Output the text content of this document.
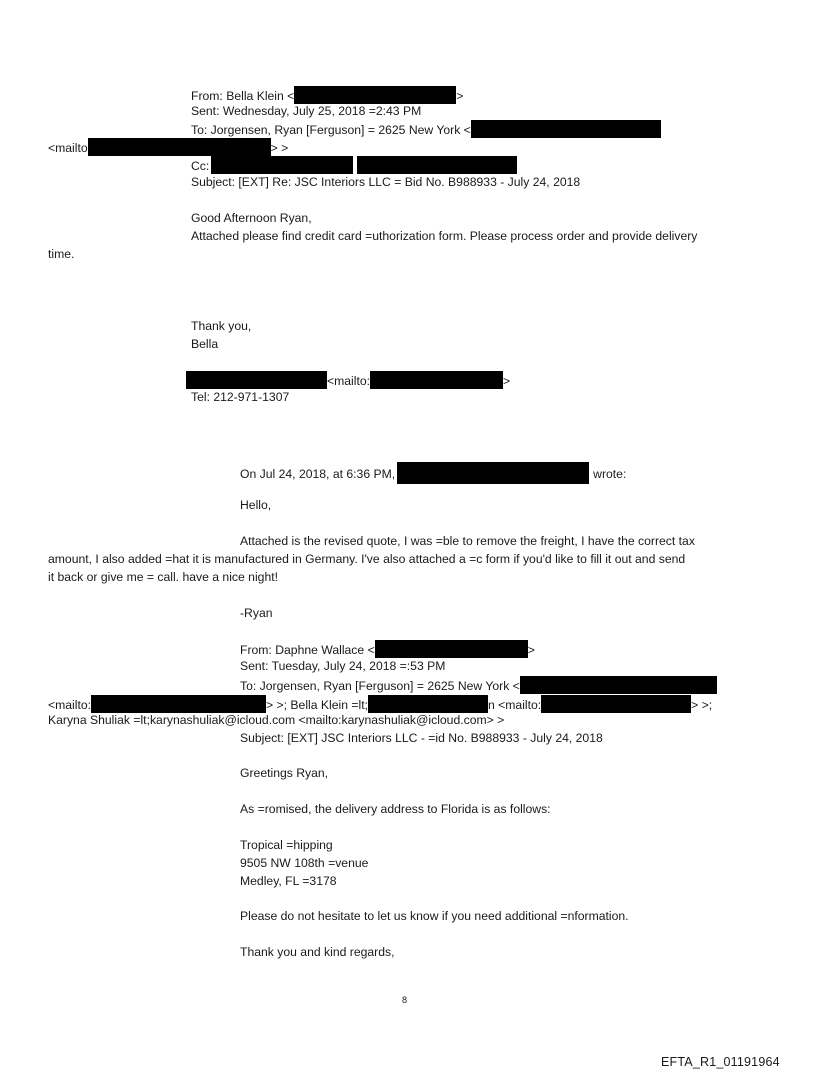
From: Bella Klein <	>
Sent: Wednesday, July 25, 2018 =2:43 PM
To: Jorgensen, Ryan [Ferguson] = 2625 New York <
<mailto	> >
Cc:
Subject: [EXT] Re: JSC Interiors LLC = Bid No. B988933 - July 24, 2018
Good Afternoon Ryan,
Attached please find credit card =uthorization form. Please process order and provide delivery
time.
Thank you,
Bella
<mailto:	>
Tel: 212-971-1307
On Jul 24, 2018, at 6:36 PM,	wrote:
Hello,
Attached is the revised quote, I was =ble to remove the freight, I have the correct tax
amount, I also added =hat it is manufactured in Germany. I've also attached a =c form if you'd like to fill it out and send
it back or give me = call. have a nice night!
-Ryan
From: Daphne Wallace <	>
Sent: Tuesday, July 24, 2018 =:53 PM
To: Jorgensen, Ryan [Ferguson] = 2625 New York <
<mailto:	> >; Bella Klein =lt;	n <mailto:	> >;
Karyna Shuliak =lt;karynashuliak@icloud.com <mailto:karynashuliak@icloud.com> >
Subject: [EXT] JSC Interiors LLC - =id No. B988933 - July 24, 2018
Greetings Ryan,
As =romised, the delivery address to Florida is as follows:
Tropical =hipping
9505 NW 108th =venue
Medley, FL =3178
Please do not hesitate to let us know if you need additional =nformation.
Thank you and kind regards,
8
EFTA_R1_01191964
